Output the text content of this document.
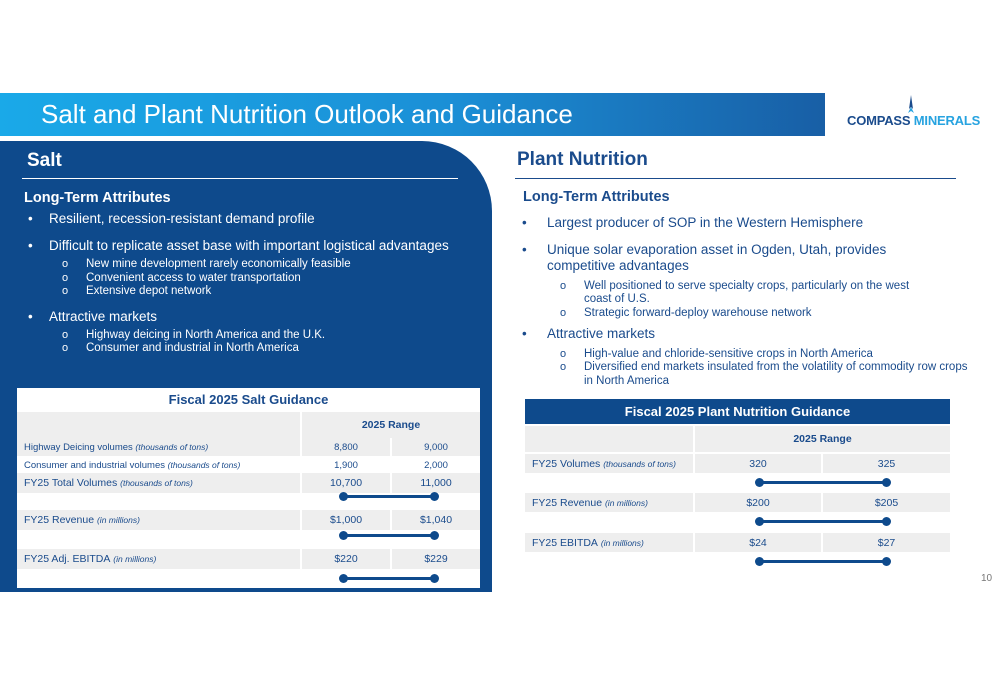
Salt and Plant Nutrition Outlook and Guidance	COMPASS MINERALS
Salt
Long-Term Attributes
• Resilient, recession-resistant demand profile
• Difficult to replicate asset base with important logistical advantages
o New mine development rarely economically feasible
o Convenient access to water transportation
o Extensive depot network
• Attractive markets
o Highway deicing in North America and the U.K.
o Consumer and industrial in North America
Fiscal 2025 Salt Guidance
2025 Range
Highway Deicing volumes
(thousands of tons)	8,800	9,000
Consumer and industrial volumes
(thousands of tons)	1,900	2,000
FY25 Total Volumes
(thousands of tons)	10,700	11,000
FY25 Revenue
(in millions)	$1,000	$1,040
FY25 Adj. EBITDA
(in millions)	$220	$229
Plant Nutrition
Long-Term Attributes
• Largest producer of SOP in the Western Hemisphere
• Unique solar evaporation asset in Ogden, Utah, provides competitive advantages
o Well positioned to serve specialty crops, particularly on the west coast of U.S.
o Strategic forward-deploy warehouse network
• Attractive markets
o High-value and chloride-sensitive crops in North America
o Diversified end markets insulated from the volatility of commodity row crops in North America
Fiscal 2025 Plant Nutrition Guidance
2025 Range
FY25 Volumes
(thousands of tons)	320	325
FY25 Revenue
(in millions)	$200	$205
FY25 EBITDA
(in millions)	$24	$27
10
